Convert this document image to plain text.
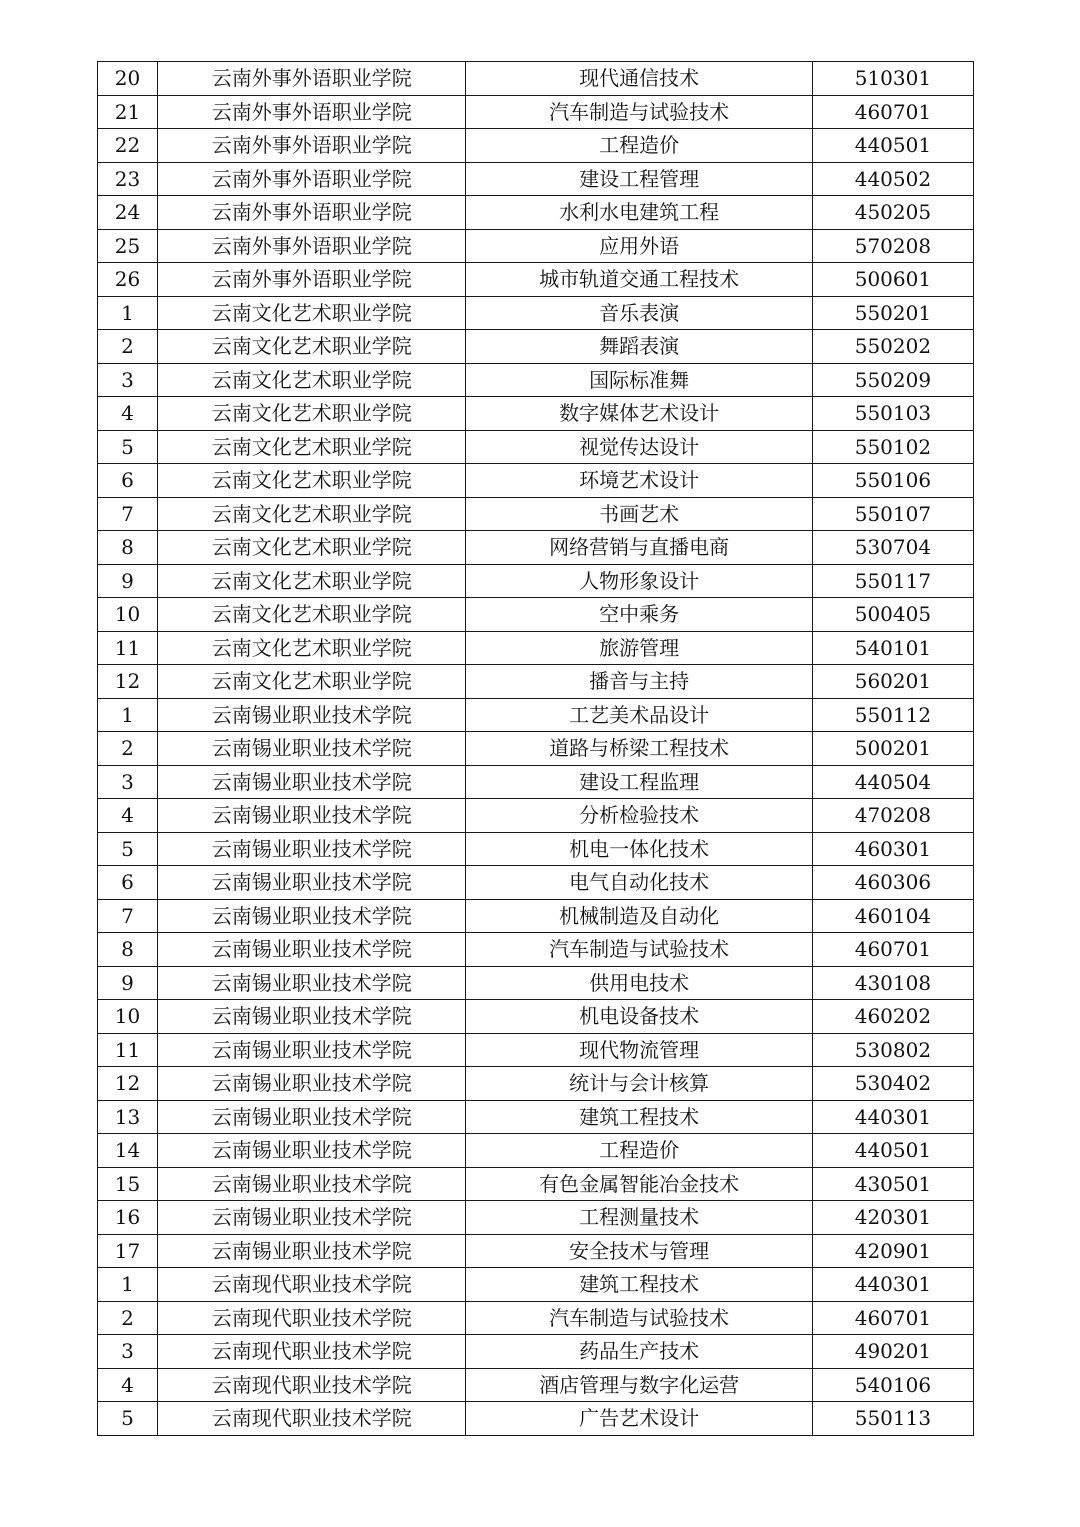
20	云南外事外语职业学院	现代通信技术	510301
21	云南外事外语职业学院	汽车制造与试验技术	460701
22	云南外事外语职业学院	工程造价	440501
23	云南外事外语职业学院	建设工程管理	440502
24	云南外事外语职业学院	水利水电建筑工程	450205
25	云南外事外语职业学院	应用外语	570208
26	云南外事外语职业学院	城市轨道交通工程技术	500601
1	云南文化艺术职业学院	音乐表演	550201
2	云南文化艺术职业学院	舞蹈表演	550202
3	云南文化艺术职业学院	国际标准舞	550209
4	云南文化艺术职业学院	数字媒体艺术设计	550103
5	云南文化艺术职业学院	视觉传达设计	550102
6	云南文化艺术职业学院	环境艺术设计	550106
7	云南文化艺术职业学院	书画艺术	550107
8	云南文化艺术职业学院	网络营销与直播电商	530704
9	云南文化艺术职业学院	人物形象设计	550117
10	云南文化艺术职业学院	空中乘务	500405
11	云南文化艺术职业学院	旅游管理	540101
12	云南文化艺术职业学院	播音与主持	560201
1	云南锡业职业技术学院	工艺美术品设计	550112
2	云南锡业职业技术学院	道路与桥梁工程技术	500201
3	云南锡业职业技术学院	建设工程监理	440504
4	云南锡业职业技术学院	分析检验技术	470208
5	云南锡业职业技术学院	机电一体化技术	460301
6	云南锡业职业技术学院	电气自动化技术	460306
7	云南锡业职业技术学院	机械制造及自动化	460104
8	云南锡业职业技术学院	汽车制造与试验技术	460701
9	云南锡业职业技术学院	供用电技术	430108
10	云南锡业职业技术学院	机电设备技术	460202
11	云南锡业职业技术学院	现代物流管理	530802
12	云南锡业职业技术学院	统计与会计核算	530402
13	云南锡业职业技术学院	建筑工程技术	440301
14	云南锡业职业技术学院	工程造价	440501
15	云南锡业职业技术学院	有色金属智能冶金技术	430501
16	云南锡业职业技术学院	工程测量技术	420301
17	云南锡业职业技术学院	安全技术与管理	420901
1	云南现代职业技术学院	建筑工程技术	440301
2	云南现代职业技术学院	汽车制造与试验技术	460701
3	云南现代职业技术学院	药品生产技术	490201
4	云南现代职业技术学院	酒店管理与数字化运营	540106
5	云南现代职业技术学院	广告艺术设计	550113
